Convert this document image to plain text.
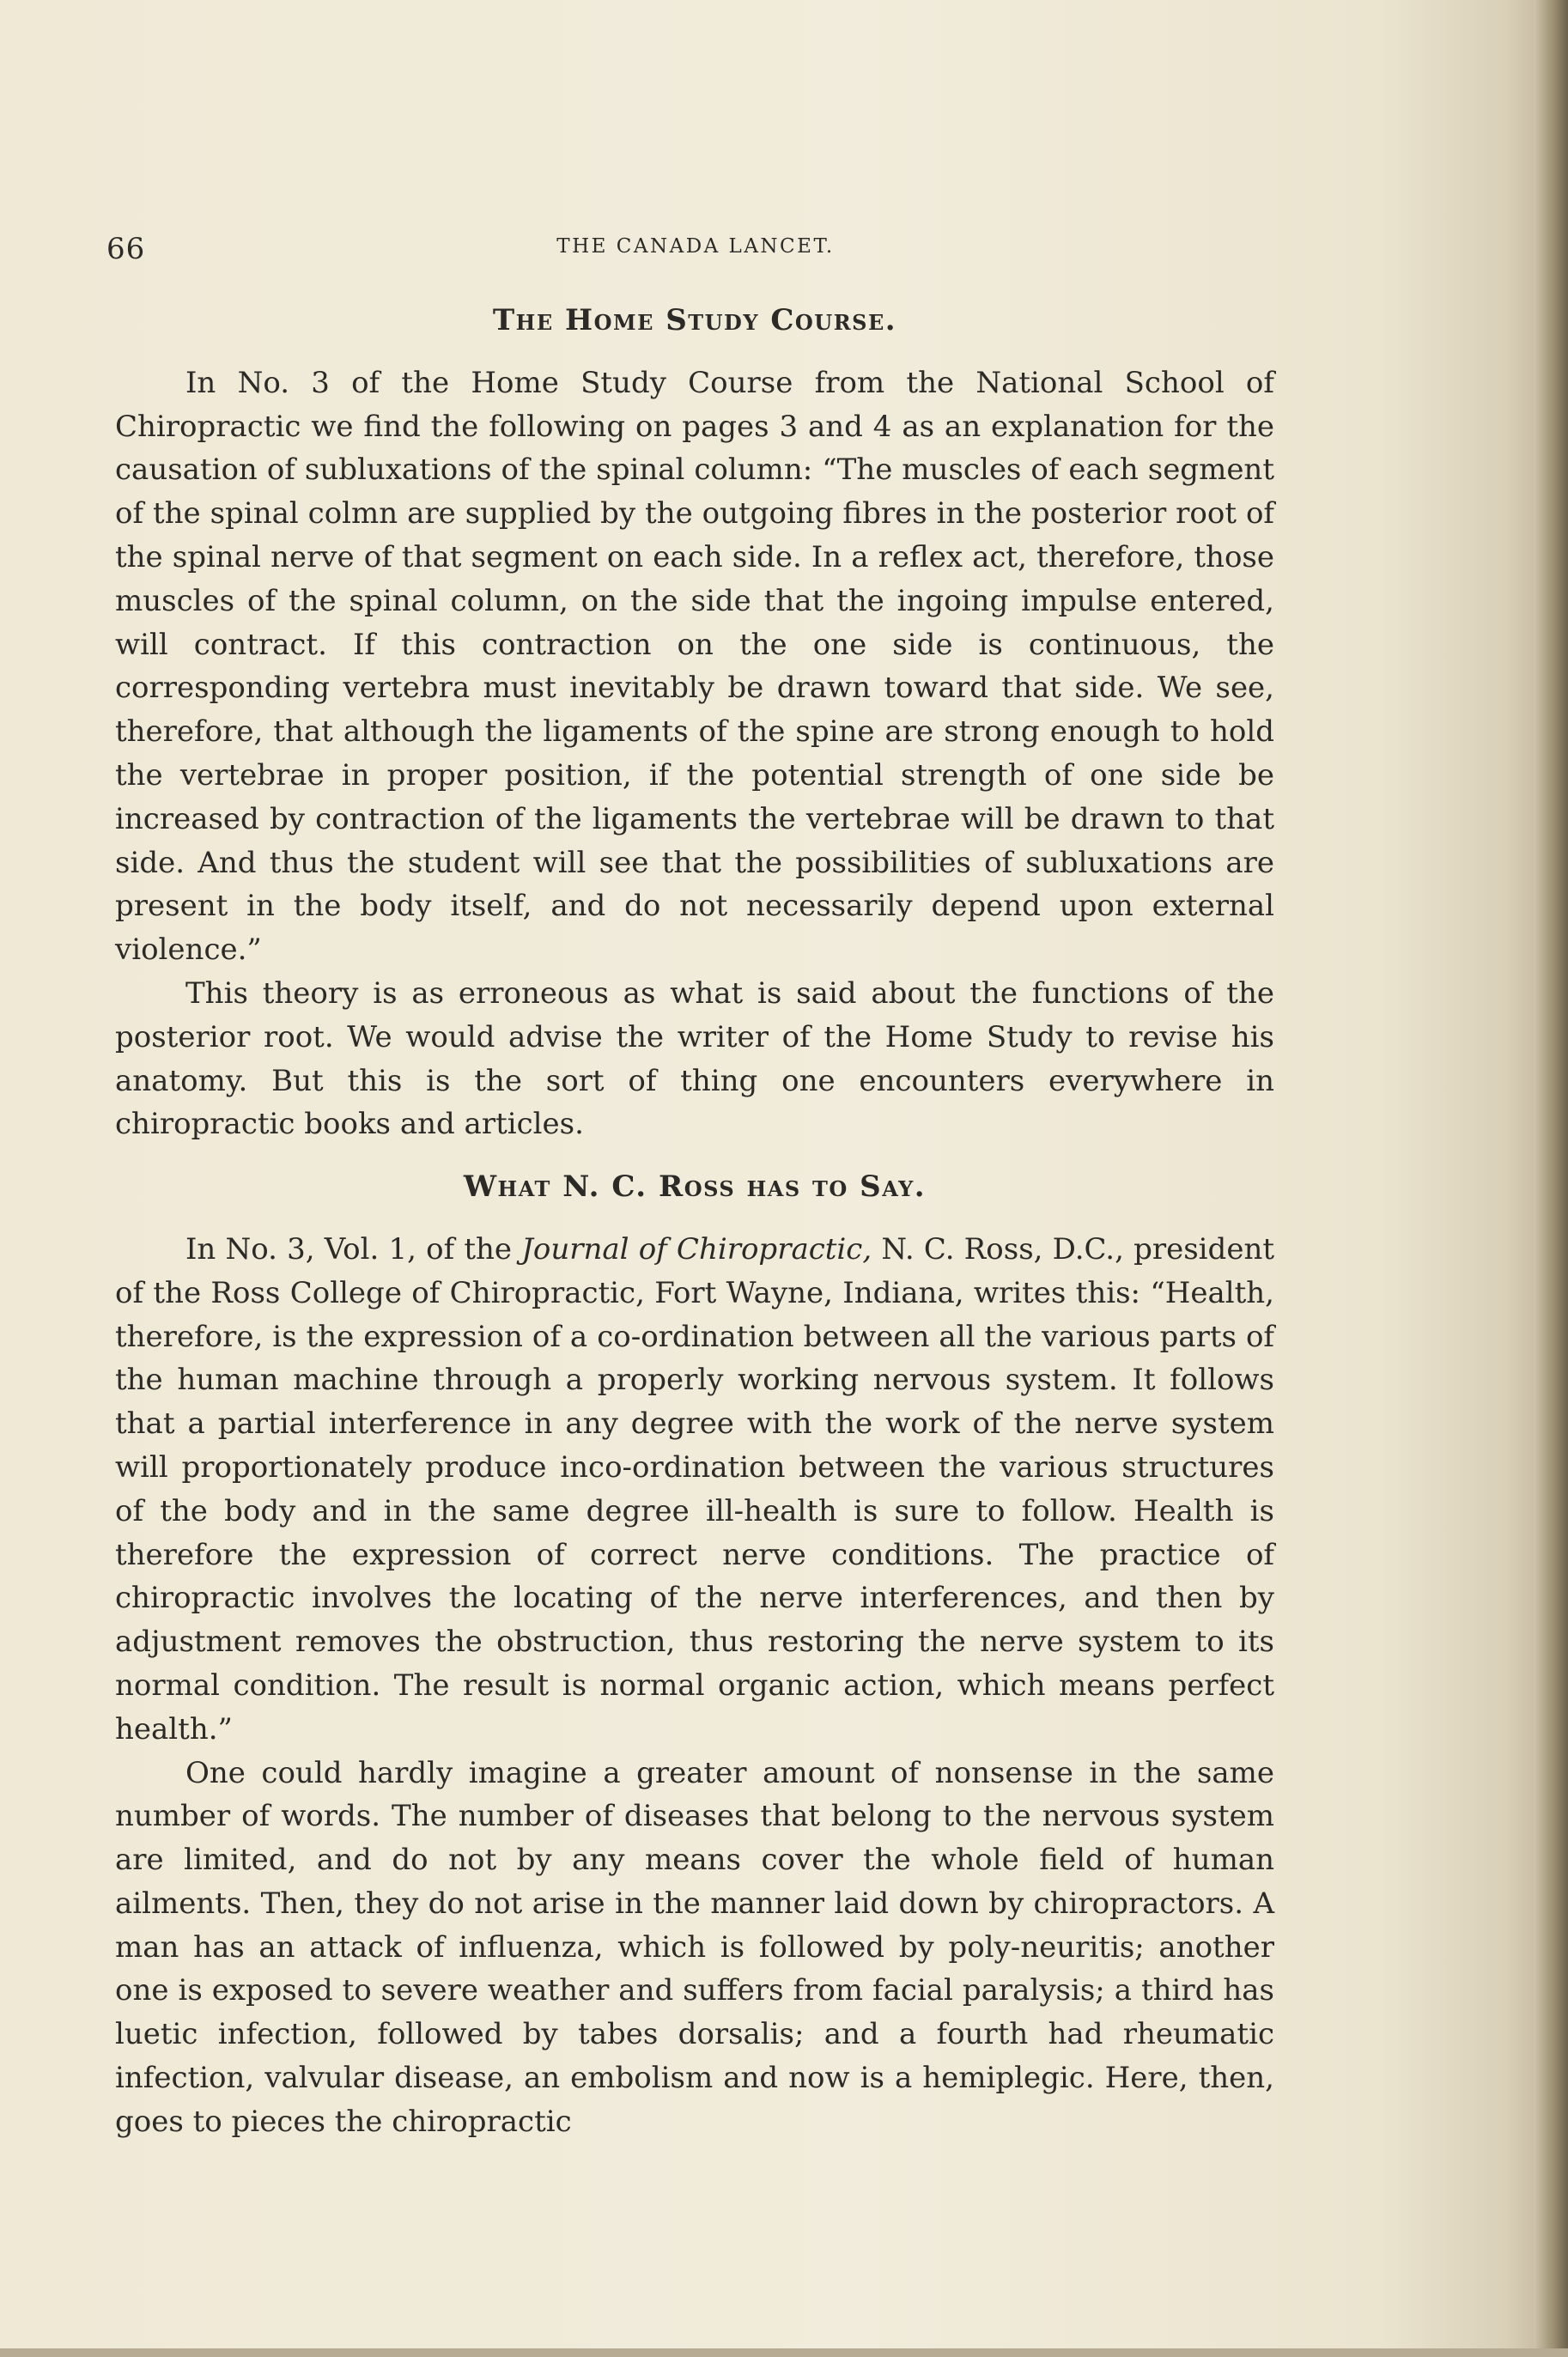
66	THE CANADA LANCET.
The Home Study Course.

In No. 3 of the Home Study Course from the National School of Chiropractic we find the following on pages 3 and 4 as an explanation for the causation of subluxations of the spinal column: “The muscles of each segment of the spinal colmn are supplied by the outgoing fibres in the posterior root of the spinal nerve of that segment on each side. In a reflex act, therefore, those muscles of the spinal column, on the side that the ingoing impulse entered, will contract. If this contraction on the one side is continuous, the corresponding vertebra must inevitably be drawn toward that side. We see, therefore, that although the ligaments of the spine are strong enough to hold the vertebrae in proper position, if the potential strength of one side be increased by contraction of the ligaments the vertebrae will be drawn to that side. And thus the student will see that the possibilities of subluxations are present in the body itself, and do not necessarily depend upon external violence.”

This theory is as erroneous as what is said about the functions of the posterior root. We would advise the writer of the Home Study to revise his anatomy. But this is the sort of thing one encounters everywhere in chiropractic books and articles.

What N. C. Ross has to Say.

In No. 3, Vol. 1, of the Journal of Chiropractic, N. C. Ross, D.C., president of the Ross College of Chiropractic, Fort Wayne, Indiana, writes this: “Health, therefore, is the expression of a co-ordination between all the various parts of the human machine through a properly working nervous system. It follows that a partial interference in any degree with the work of the nerve system will proportionately produce inco-ordination between the various structures of the body and in the same degree ill-health is sure to follow. Health is therefore the expression of correct nerve conditions. The practice of chiropractic involves the locating of the nerve interferences, and then by adjustment removes the obstruction, thus restoring the nerve system to its normal condition. The result is normal organic action, which means perfect health.”

One could hardly imagine a greater amount of nonsense in the same number of words. The number of diseases that belong to the nervous system are limited, and do not by any means cover the whole field of human ailments. Then, they do not arise in the manner laid down by chiropractors. A man has an attack of influenza, which is followed by poly-neuritis; another one is exposed to severe weather and suffers from facial paralysis; a third has luetic infection, followed by tabes dorsalis; and a fourth had rheumatic infection, valvular disease, an embolism and now is a hemiplegic. Here, then, goes to pieces the chiropractic
